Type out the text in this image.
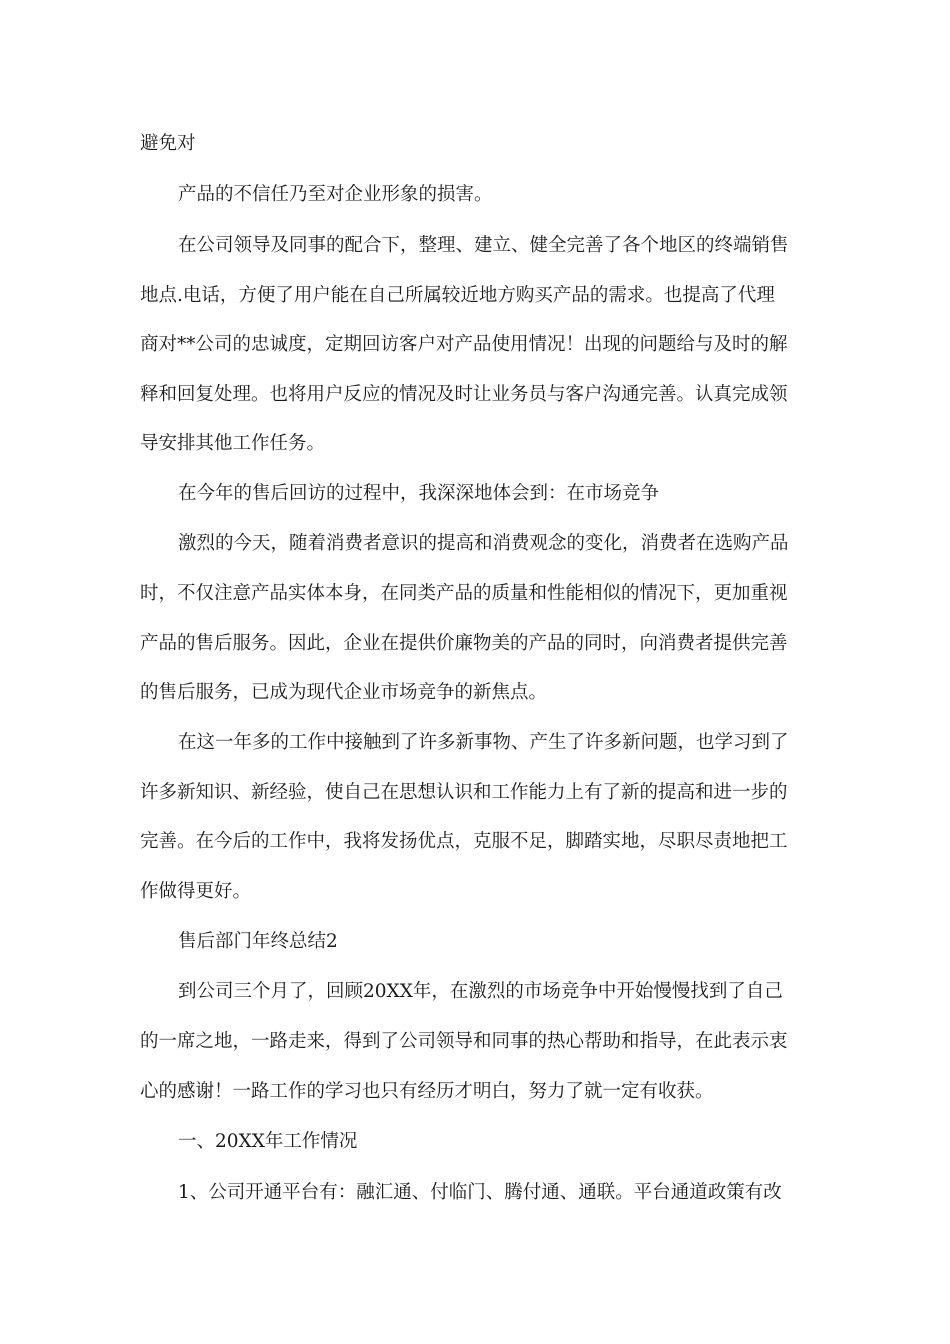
避免对

产品的不信任乃至对企业形象的损害。

在公司领导及同事的配合下，整理、建立、健全完善了各个地区的终端销售

地点.电话，方便了用户能在自己所属较近地方购买产品的需求。也提高了代理

商对**公司的忠诚度，定期回访客户对产品使用情况！出现的问题给与及时的解

释和回复处理。也将用户反应的情况及时让业务员与客户沟通完善。认真完成领

导安排其他工作任务。

在今年的售后回访的过程中，我深深地体会到：在市场竞争

激烈的今天，随着消费者意识的提高和消费观念的变化，消费者在选购产品

时，不仅注意产品实体本身，在同类产品的质量和性能相似的情况下，更加重视

产品的售后服务。因此，企业在提供价廉物美的产品的同时，向消费者提供完善

的售后服务，已成为现代企业市场竞争的新焦点。

在这一年多的工作中接触到了许多新事物、产生了许多新问题，也学习到了

许多新知识、新经验，使自己在思想认识和工作能力上有了新的提高和进一步的

完善。在今后的工作中，我将发扬优点，克服不足，脚踏实地，尽职尽责地把工

作做得更好。

售后部门年终总结2

到公司三个月了，回顾20XX年，在激烈的市场竞争中开始慢慢找到了自己

的一席之地，一路走来，得到了公司领导和同事的热心帮助和指导，在此表示衷

心的感谢！一路工作的学习也只有经历才明白，努力了就一定有收获。

一、20XX年工作情况

1、公司开通平台有：融汇通、付临门、腾付通、通联。平台通道政策有改
